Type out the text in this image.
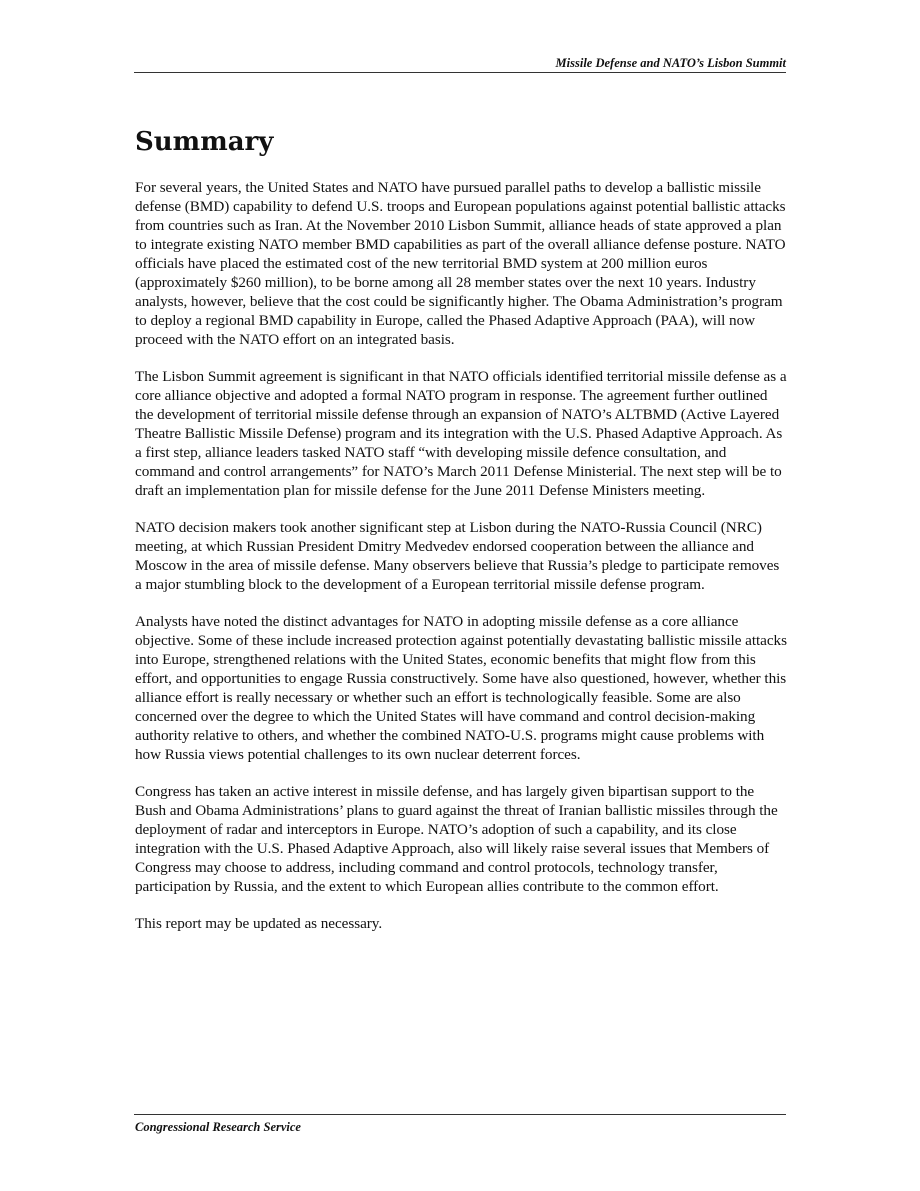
Missile Defense and NATO’s Lisbon Summit
Summary

For several years, the United States and NATO have pursued parallel paths to develop a ballistic missile defense (BMD) capability to defend U.S. troops and European populations against potential ballistic attacks from countries such as Iran. At the November 2010 Lisbon Summit, alliance heads of state approved a plan to integrate existing NATO member BMD capabilities as part of the overall alliance defense posture. NATO officials have placed the estimated cost of the new territorial BMD system at 200 million euros (approximately $260 million), to be borne among all 28 member states over the next 10 years. Industry analysts, however, believe that the cost could be significantly higher. The Obama Administration’s program to deploy a regional BMD capability in Europe, called the Phased Adaptive Approach (PAA), will now proceed with the NATO effort on an integrated basis.

The Lisbon Summit agreement is significant in that NATO officials identified territorial missile defense as a core alliance objective and adopted a formal NATO program in response. The agreement further outlined the development of territorial missile defense through an expansion of NATO’s ALTBMD (Active Layered Theatre Ballistic Missile Defense) program and its integration with the U.S. Phased Adaptive Approach. As a first step, alliance leaders tasked NATO staff “with developing missile defence consultation, and command and control arrangements” for NATO’s March 2011 Defense Ministerial. The next step will be to draft an implementation plan for missile defense for the June 2011 Defense Ministers meeting.

NATO decision makers took another significant step at Lisbon during the NATO-Russia Council (NRC) meeting, at which Russian President Dmitry Medvedev endorsed cooperation between the alliance and Moscow in the area of missile defense. Many observers believe that Russia’s pledge to participate removes a major stumbling block to the development of a European territorial missile defense program.

Analysts have noted the distinct advantages for NATO in adopting missile defense as a core alliance objective. Some of these include increased protection against potentially devastating ballistic missile attacks into Europe, strengthened relations with the United States, economic benefits that might flow from this effort, and opportunities to engage Russia constructively. Some have also questioned, however, whether this alliance effort is really necessary or whether such an effort is technologically feasible. Some are also concerned over the degree to which the United States will have command and control decision-making authority relative to others, and whether the combined NATO-U.S. programs might cause problems with how Russia views potential challenges to its own nuclear deterrent forces.

Congress has taken an active interest in missile defense, and has largely given bipartisan support to the Bush and Obama Administrations’ plans to guard against the threat of Iranian ballistic missiles through the deployment of radar and interceptors in Europe. NATO’s adoption of such a capability, and its close integration with the U.S. Phased Adaptive Approach, also will likely raise several issues that Members of Congress may choose to address, including command and control protocols, technology transfer, participation by Russia, and the extent to which European allies contribute to the common effort.

This report may be updated as necessary.

Congressional Research Service
